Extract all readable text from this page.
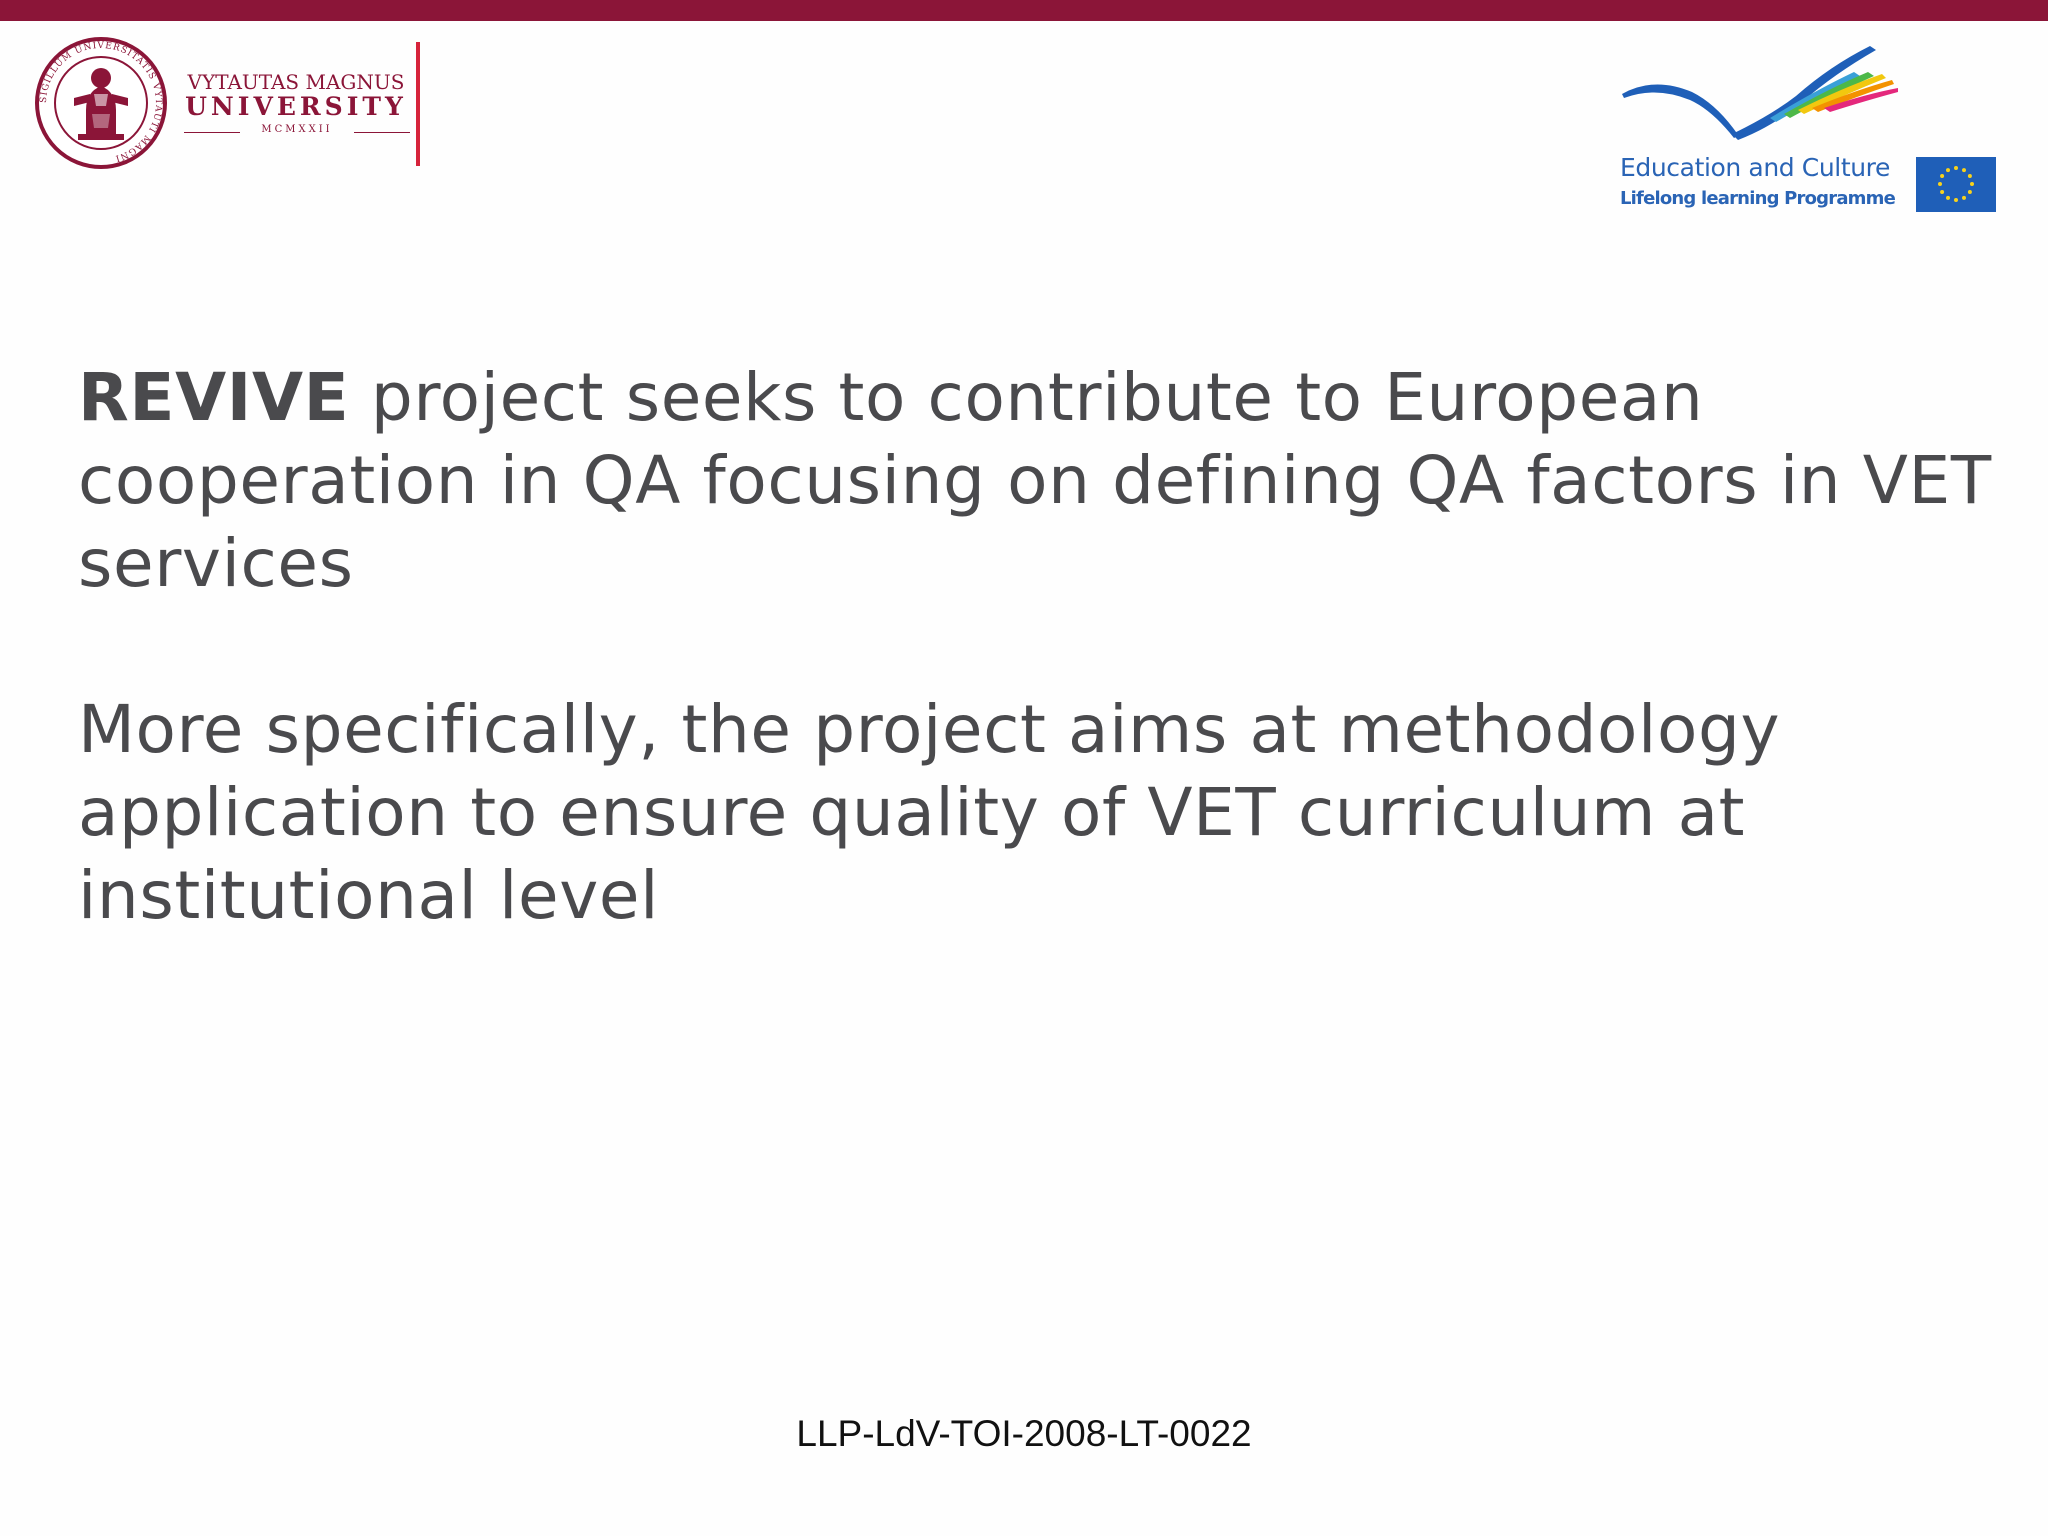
SIGILLUM UNIVERSITATIS VYTAUTI MAGNI
VYTAUTAS MAGNUS
UNIVERSITY
MCMXXII
Education and Culture
Lifelong learning Programme

REVIVE project seeks to contribute to European cooperation in QA focusing on defining QA factors in VET services

More specifically, the project aims at methodology application to ensure quality of VET curriculum at institutional level

LLP-LdV-TOI-2008-LT-0022
